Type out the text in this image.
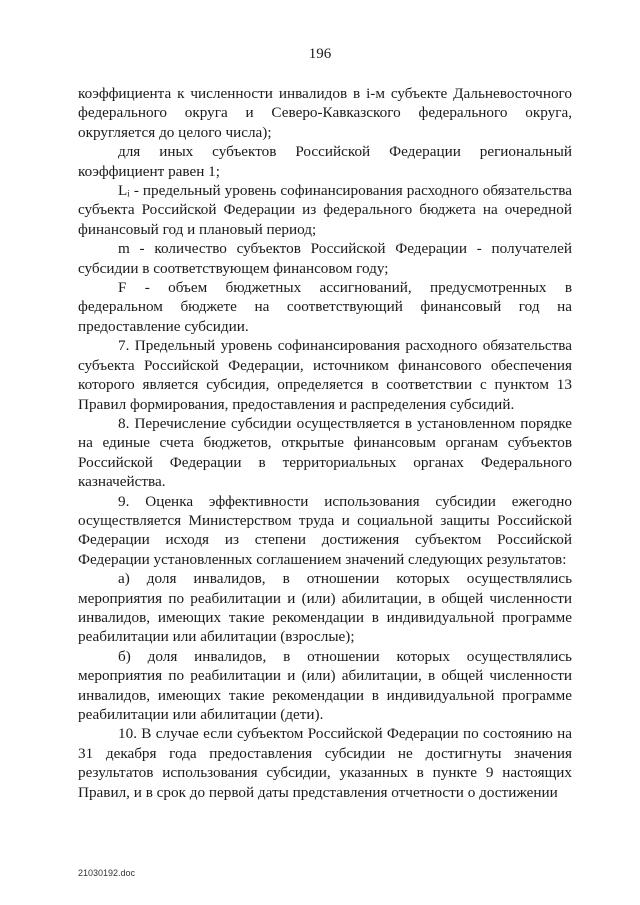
196

коэффициента к численности инвалидов в i-м субъекте Дальневосточного федерального округа и Северо-Кавказского федерального округа, округляется до целого числа);

для иных субъектов Российской Федерации региональный коэффициент равен 1;

Lᵢ - предельный уровень софинансирования расходного обязательства субъекта Российской Федерации из федерального бюджета на очередной финансовый год и плановый период;

m - количество субъектов Российской Федерации - получателей субсидии в соответствующем финансовом году;

F - объем бюджетных ассигнований, предусмотренных в федеральном бюджете на соответствующий финансовый год на предоставление субсидии.

7. Предельный уровень софинансирования расходного обязательства субъекта Российской Федерации, источником финансового обеспечения которого является субсидия, определяется в соответствии с пунктом 13 Правил формирования, предоставления и распределения субсидий.

8. Перечисление субсидии осуществляется в установленном порядке на единые счета бюджетов, открытые финансовым органам субъектов Российской Федерации в территориальных органах Федерального казначейства.

9. Оценка эффективности использования субсидии ежегодно осуществляется Министерством труда и социальной защиты Российской Федерации исходя из степени достижения субъектом Российской Федерации установленных соглашением значений следующих результатов:

а) доля инвалидов, в отношении которых осуществлялись мероприятия по реабилитации и (или) абилитации, в общей численности инвалидов, имеющих такие рекомендации в индивидуальной программе реабилитации или абилитации (взрослые);

б) доля инвалидов, в отношении которых осуществлялись мероприятия по реабилитации и (или) абилитации, в общей численности инвалидов, имеющих такие рекомендации в индивидуальной программе реабилитации или абилитации (дети).

10. В случае если субъектом Российской Федерации по состоянию на 31 декабря года предоставления субсидии не достигнуты значения результатов использования субсидии, указанных в пункте 9 настоящих Правил, и в срок до первой даты представления отчетности о достижении

21030192.doc
